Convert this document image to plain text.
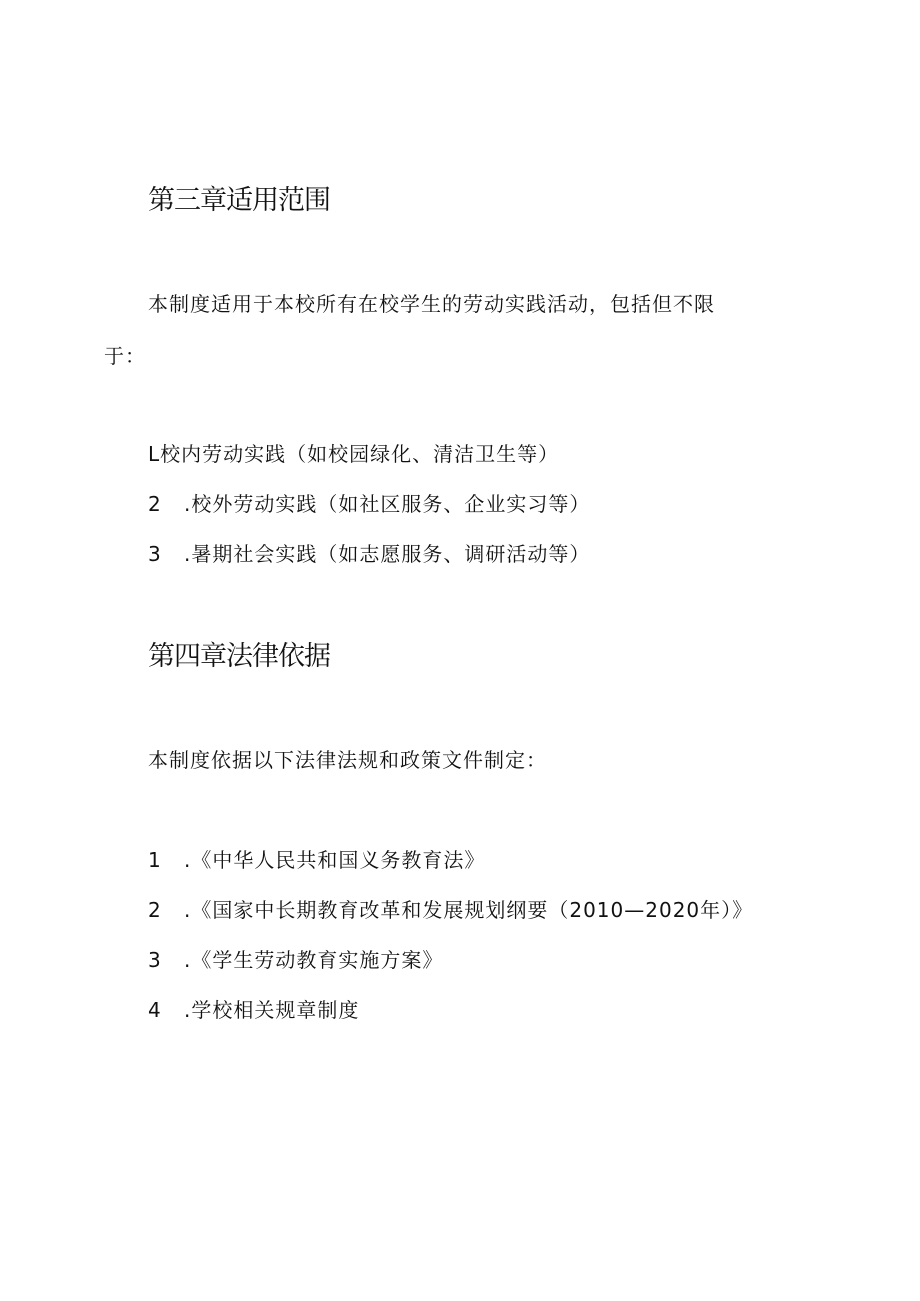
第三章适用范围

本制度适用于本校所有在校学生的劳动实践活动，包括但不限

于：

L校内劳动实践（如校园绿化、清洁卫生等）

2 .校外劳动实践（如社区服务、企业实习等）

3 .暑期社会实践（如志愿服务、调研活动等）

第四章法律依据

本制度依据以下法律法规和政策文件制定：

1 .《中华人民共和国义务教育法》

2 .《国家中长期教育改革和发展规划纲要（2010—2020年）》

3 .《学生劳动教育实施方案》

4 .学校相关规章制度
